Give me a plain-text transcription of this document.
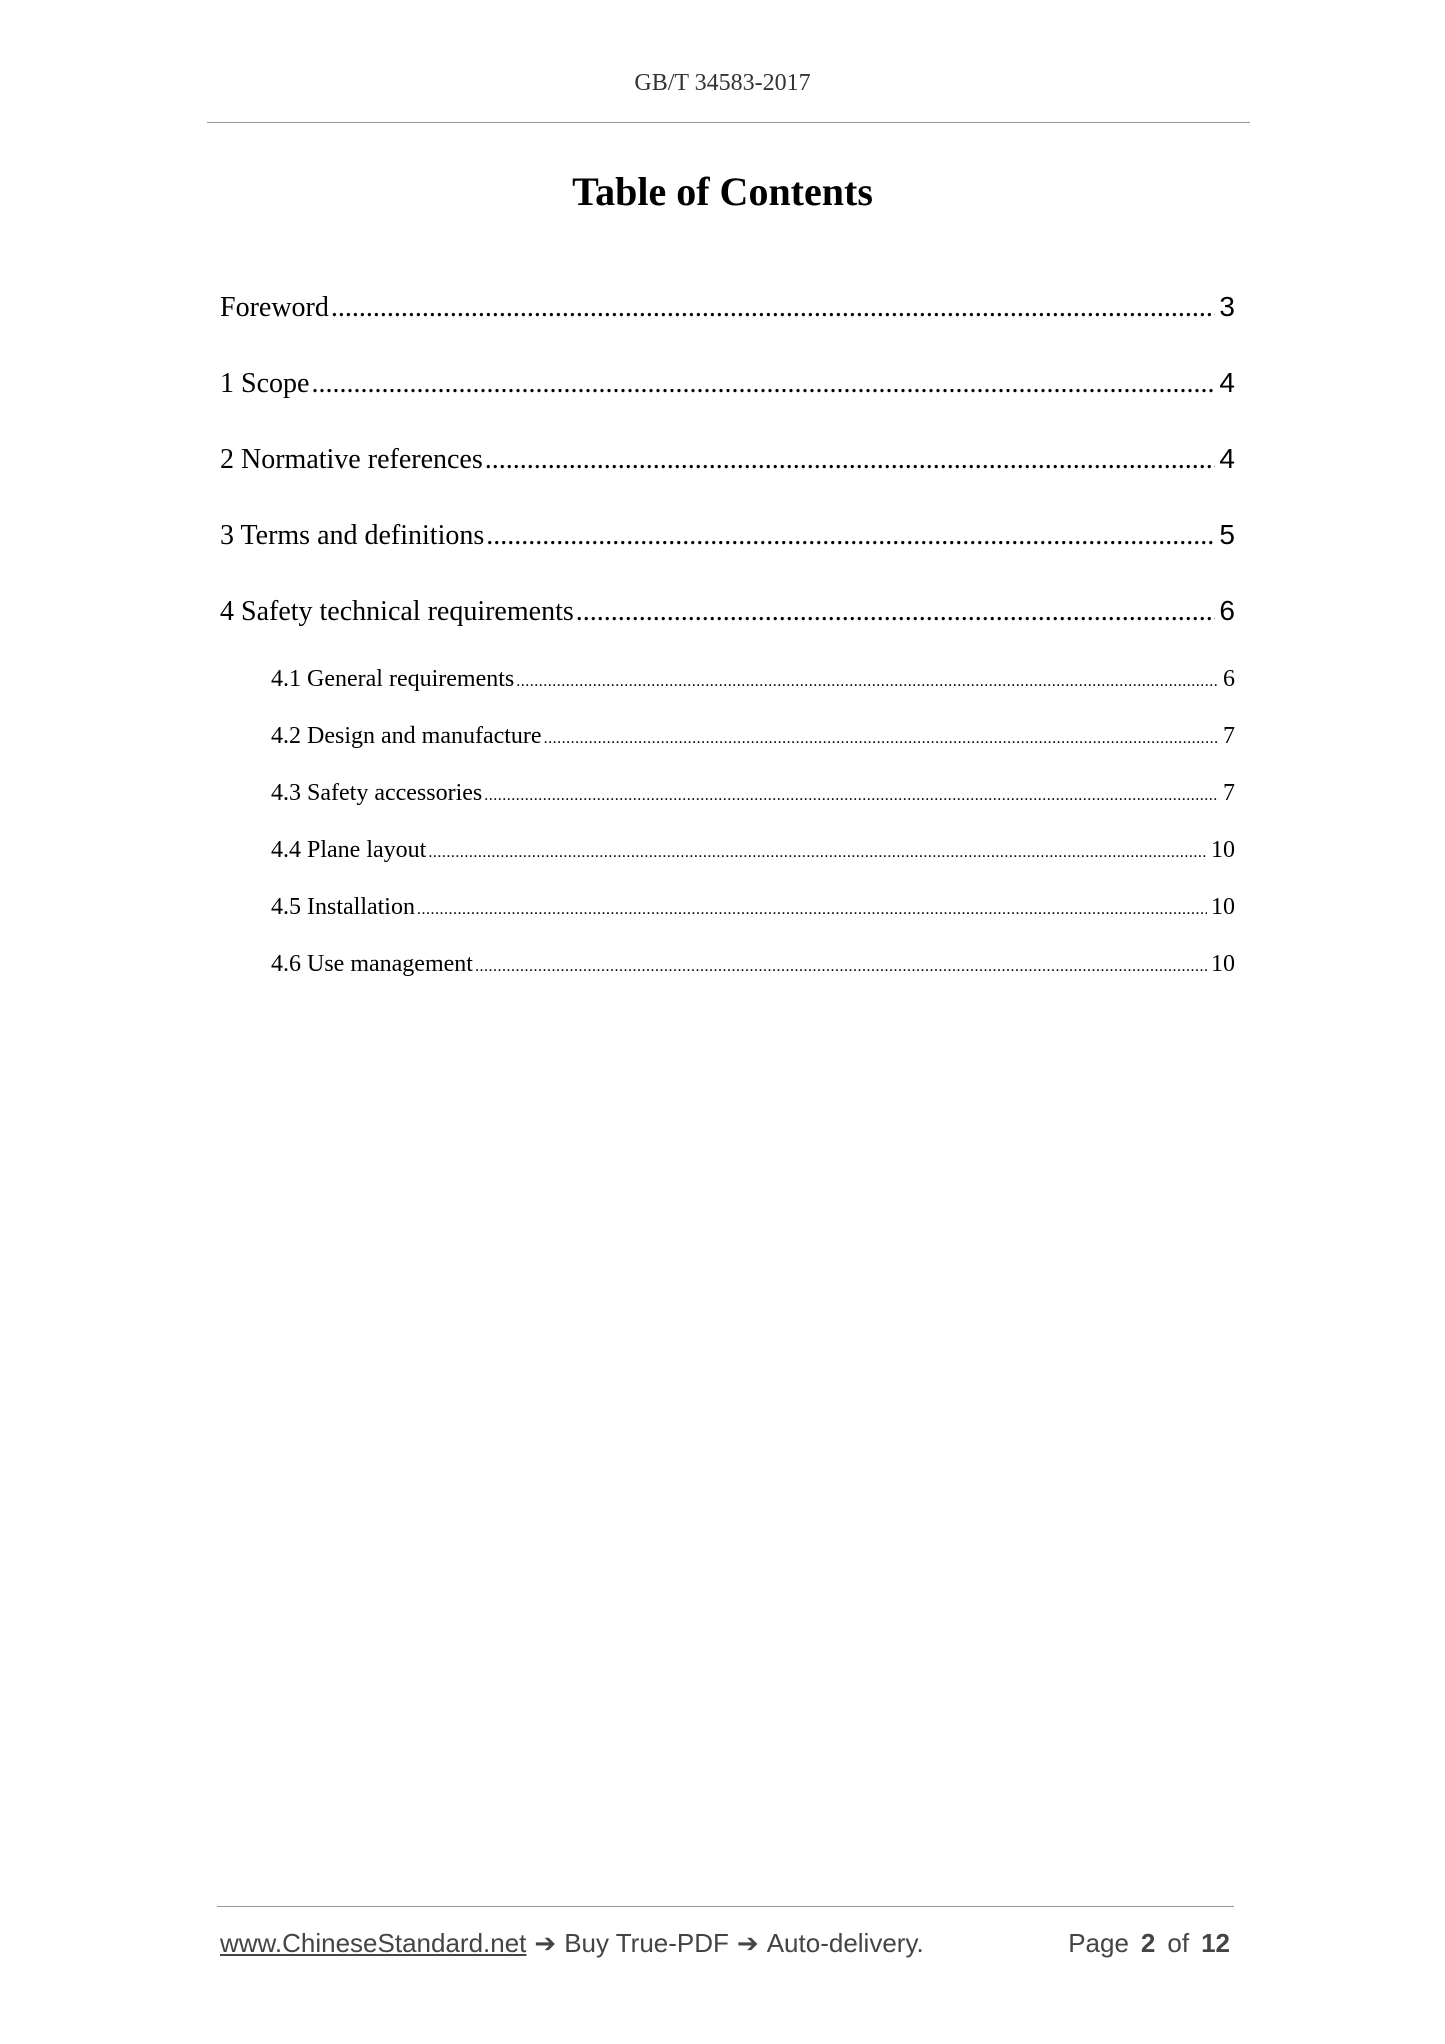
GB/T 34583-2017
Table of Contents
Foreword .....	3
1 Scope .....	4
2 Normative references .....	4
3 Terms and definitions .....	5
4 Safety technical requirements .....	6
4.1 General requirements .....	6
4.2 Design and manufacture .....	7
4.3 Safety accessories .....	7
4.4 Plane layout .....	10
4.5 Installation .....	10
4.6 Use management .....	10
www.ChineseStandard.net ➔ Buy True-PDF ➔ Auto-delivery.	Page 2 of 12
